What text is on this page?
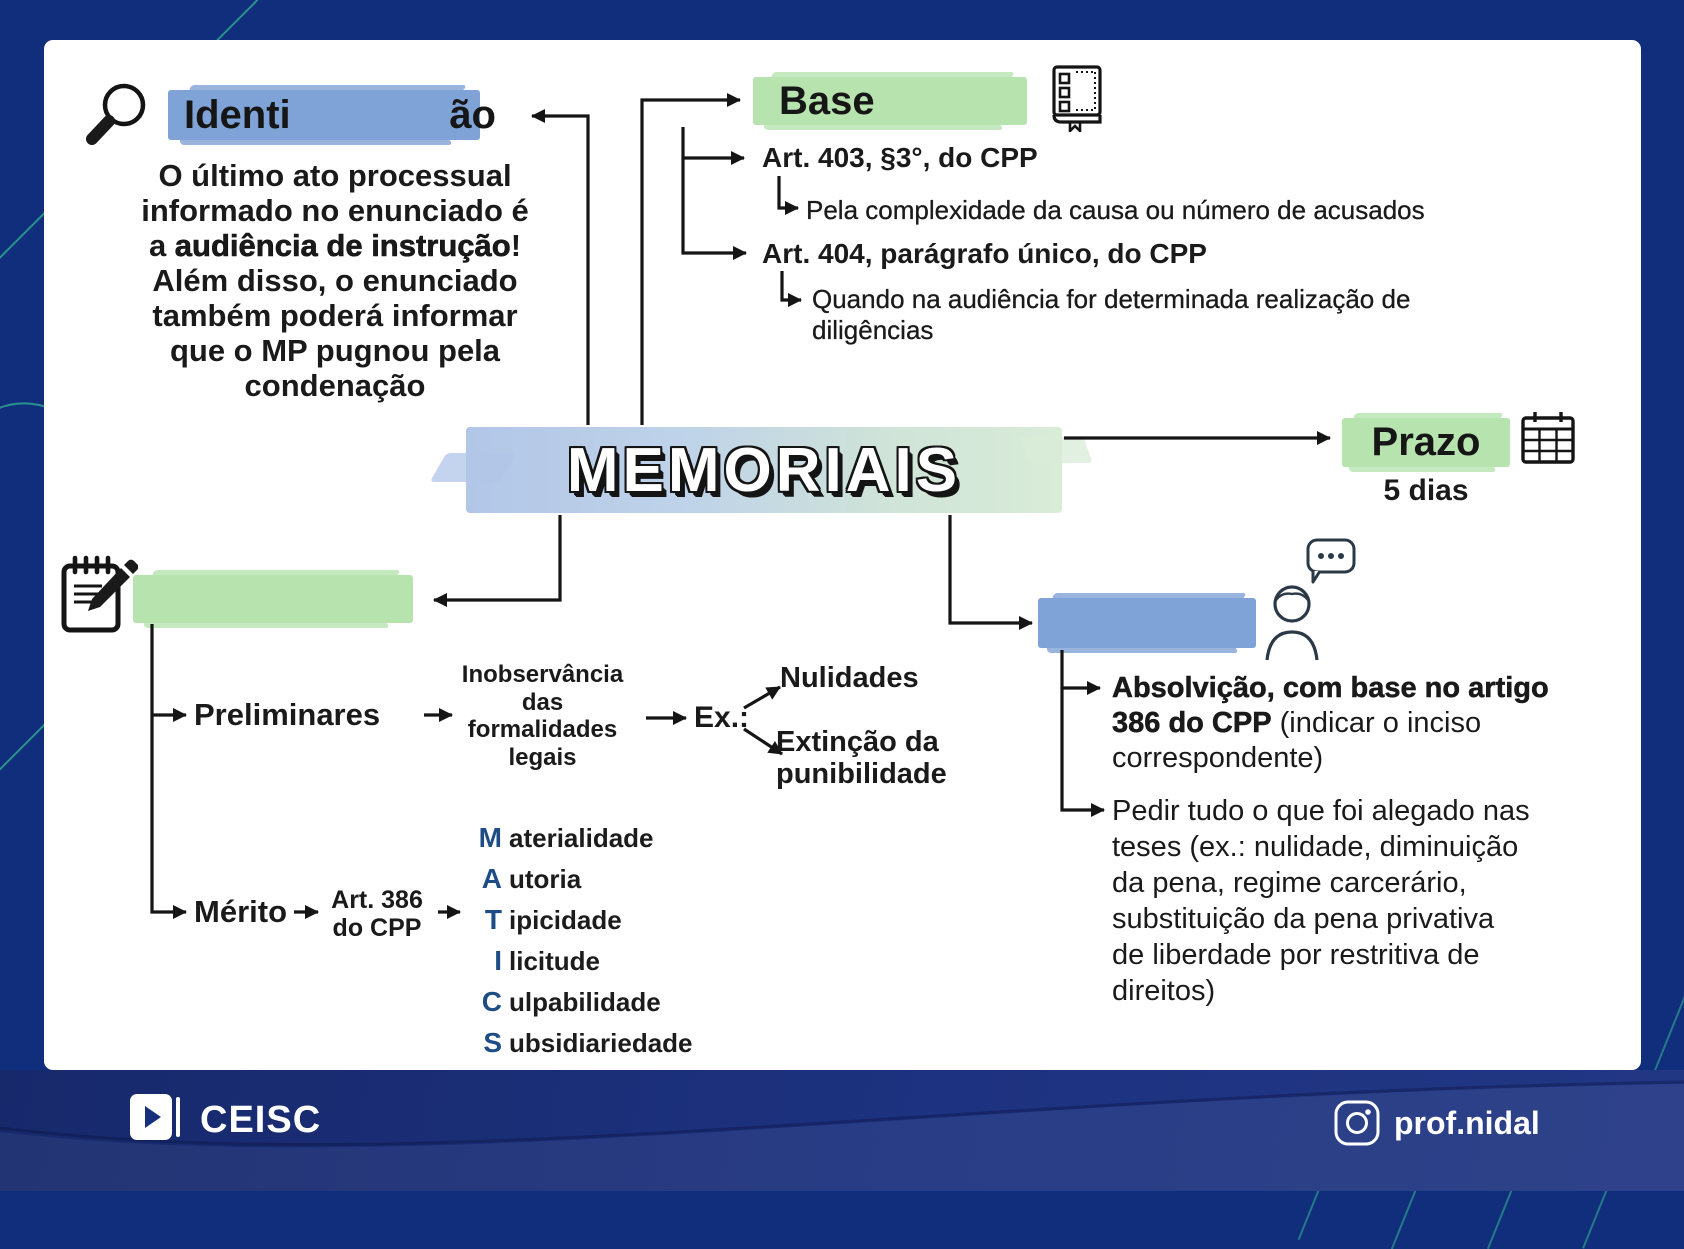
Identi	ão
O último ato processual
informado no enunciado é
a audiência de instrução!
Além disso, o enunciado
também poderá informar
que o MP pugnou pela
condenação
Base
Art. 403, §3°, do CPP
Pela complexidade da causa ou número de acusados
Art. 404, parágrafo único, do CPP
Quando na audiência for determinada realização de diligências
MEMORIAIS	Prazo
5 dias
Preliminares
Inobservância das formalidades legais
Ex.:
Nulidades
Extinção da punibilidade
Mérito	Art. 386 do CPP
M aterialidade
A utoria
T ipicidade
I licitude
C ulpabilidade
S ubsidiariedade
Absolvição, com base no artigo 386 do CPP (indicar o inciso correspondente)
Pedir tudo o que foi alegado nas teses (ex.: nulidade, diminuição da pena, regime carcerário, substituição da pena privativa de liberdade por restritiva de direitos)
CEISC	prof.nidal
